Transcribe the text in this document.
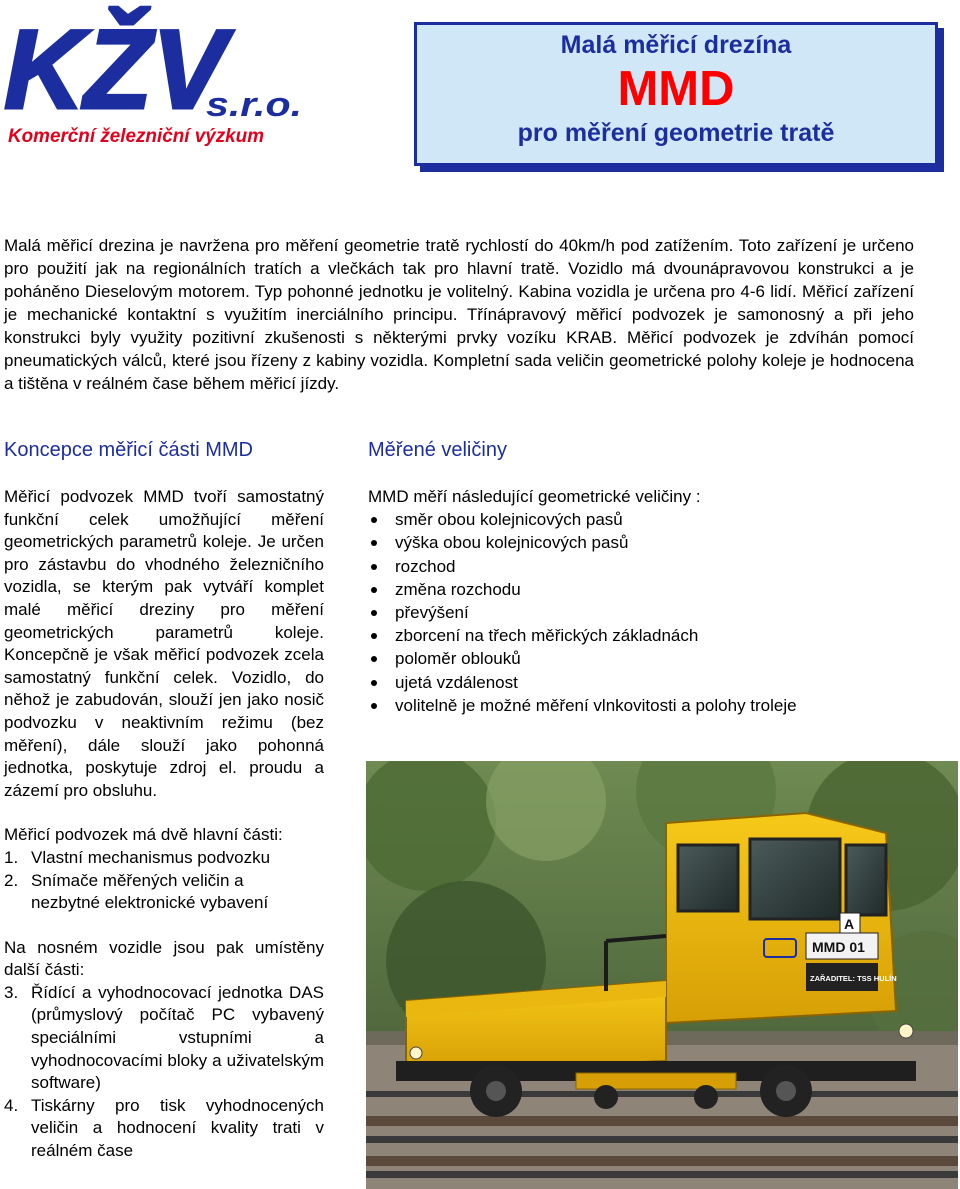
KŽV
s.r.o.
Komerční železniční výzkum
Malá měřicí drezína
MMD
pro měření geometrie tratě

Malá měřicí drezina je navržena pro měření geometrie tratě rychlostí do 40km/h pod zatížením. Toto zařízení je určeno pro použití jak na regionálních tratích a vlečkách tak pro hlavní tratě. Vozidlo má dvounápravovou konstrukci a je poháněno Dieselovým motorem. Typ pohonné jednotku je volitelný. Kabina vozidla je určena pro 4-6 lidí. Měřicí zařízení je mechanické kontaktní s využitím inerciálního principu. Třínápravový měřicí podvozek je samonosný a při jeho konstrukci byly využity pozitivní zkušenosti s některými prvky vozíku KRAB. Měřicí podvozek je zdvíhán pomocí pneumatických válců, které jsou řízeny z kabiny vozidla. Kompletní sada veličin geometrické polohy koleje je hodnocena a tištěna v reálném čase během měřicí jízdy.

Koncepce měřicí části MMD	Měřené veličiny

Měřicí podvozek MMD tvoří samostatný funkční celek umožňující měření geometrických parametrů koleje. Je určen pro zástavbu do vhodného železničního vozidla, se kterým pak vytváří komplet malé měřicí dreziny pro měření geometrických parametrů koleje. Koncepčně je však měřicí podvozek zcela samostatný funkční celek. Vozidlo, do něhož je zabudován, slouží jen jako nosič podvozku v neaktivním režimu (bez měření), dále slouží jako pohonná jednotka, poskytuje zdroj el. proudu a zázemí pro obsluhu.

Měřicí podvozek má dvě hlavní části:

1. Vlastní mechanismus podvozku
2. Snímače měřených veličin a nezbytné elektronické vybavení

Na nosném vozidle jsou pak umístěny další části:

3. Řídící a vyhodnocovací jednotka DAS (průmyslový počítač PC vybavený speciálními vstupními a vyhodnocovacími bloky a uživatelským software)
4. Tiskárny pro tisk vyhodnocených veličin a hodnocení kvality trati v reálném čase

MMD měří následující geometrické veličiny :

směr obou kolejnicových pasů
výška obou kolejnicových pasů
rozchod
změna rozchodu
převýšení
zborcení na třech měřických základnách
poloměr oblouků
ujetá vzdálenost
volitelně je možné měření vlnkovitosti a polohy troleje
MMD 01
A
ZAŘADITEL: TSS HULÍN
